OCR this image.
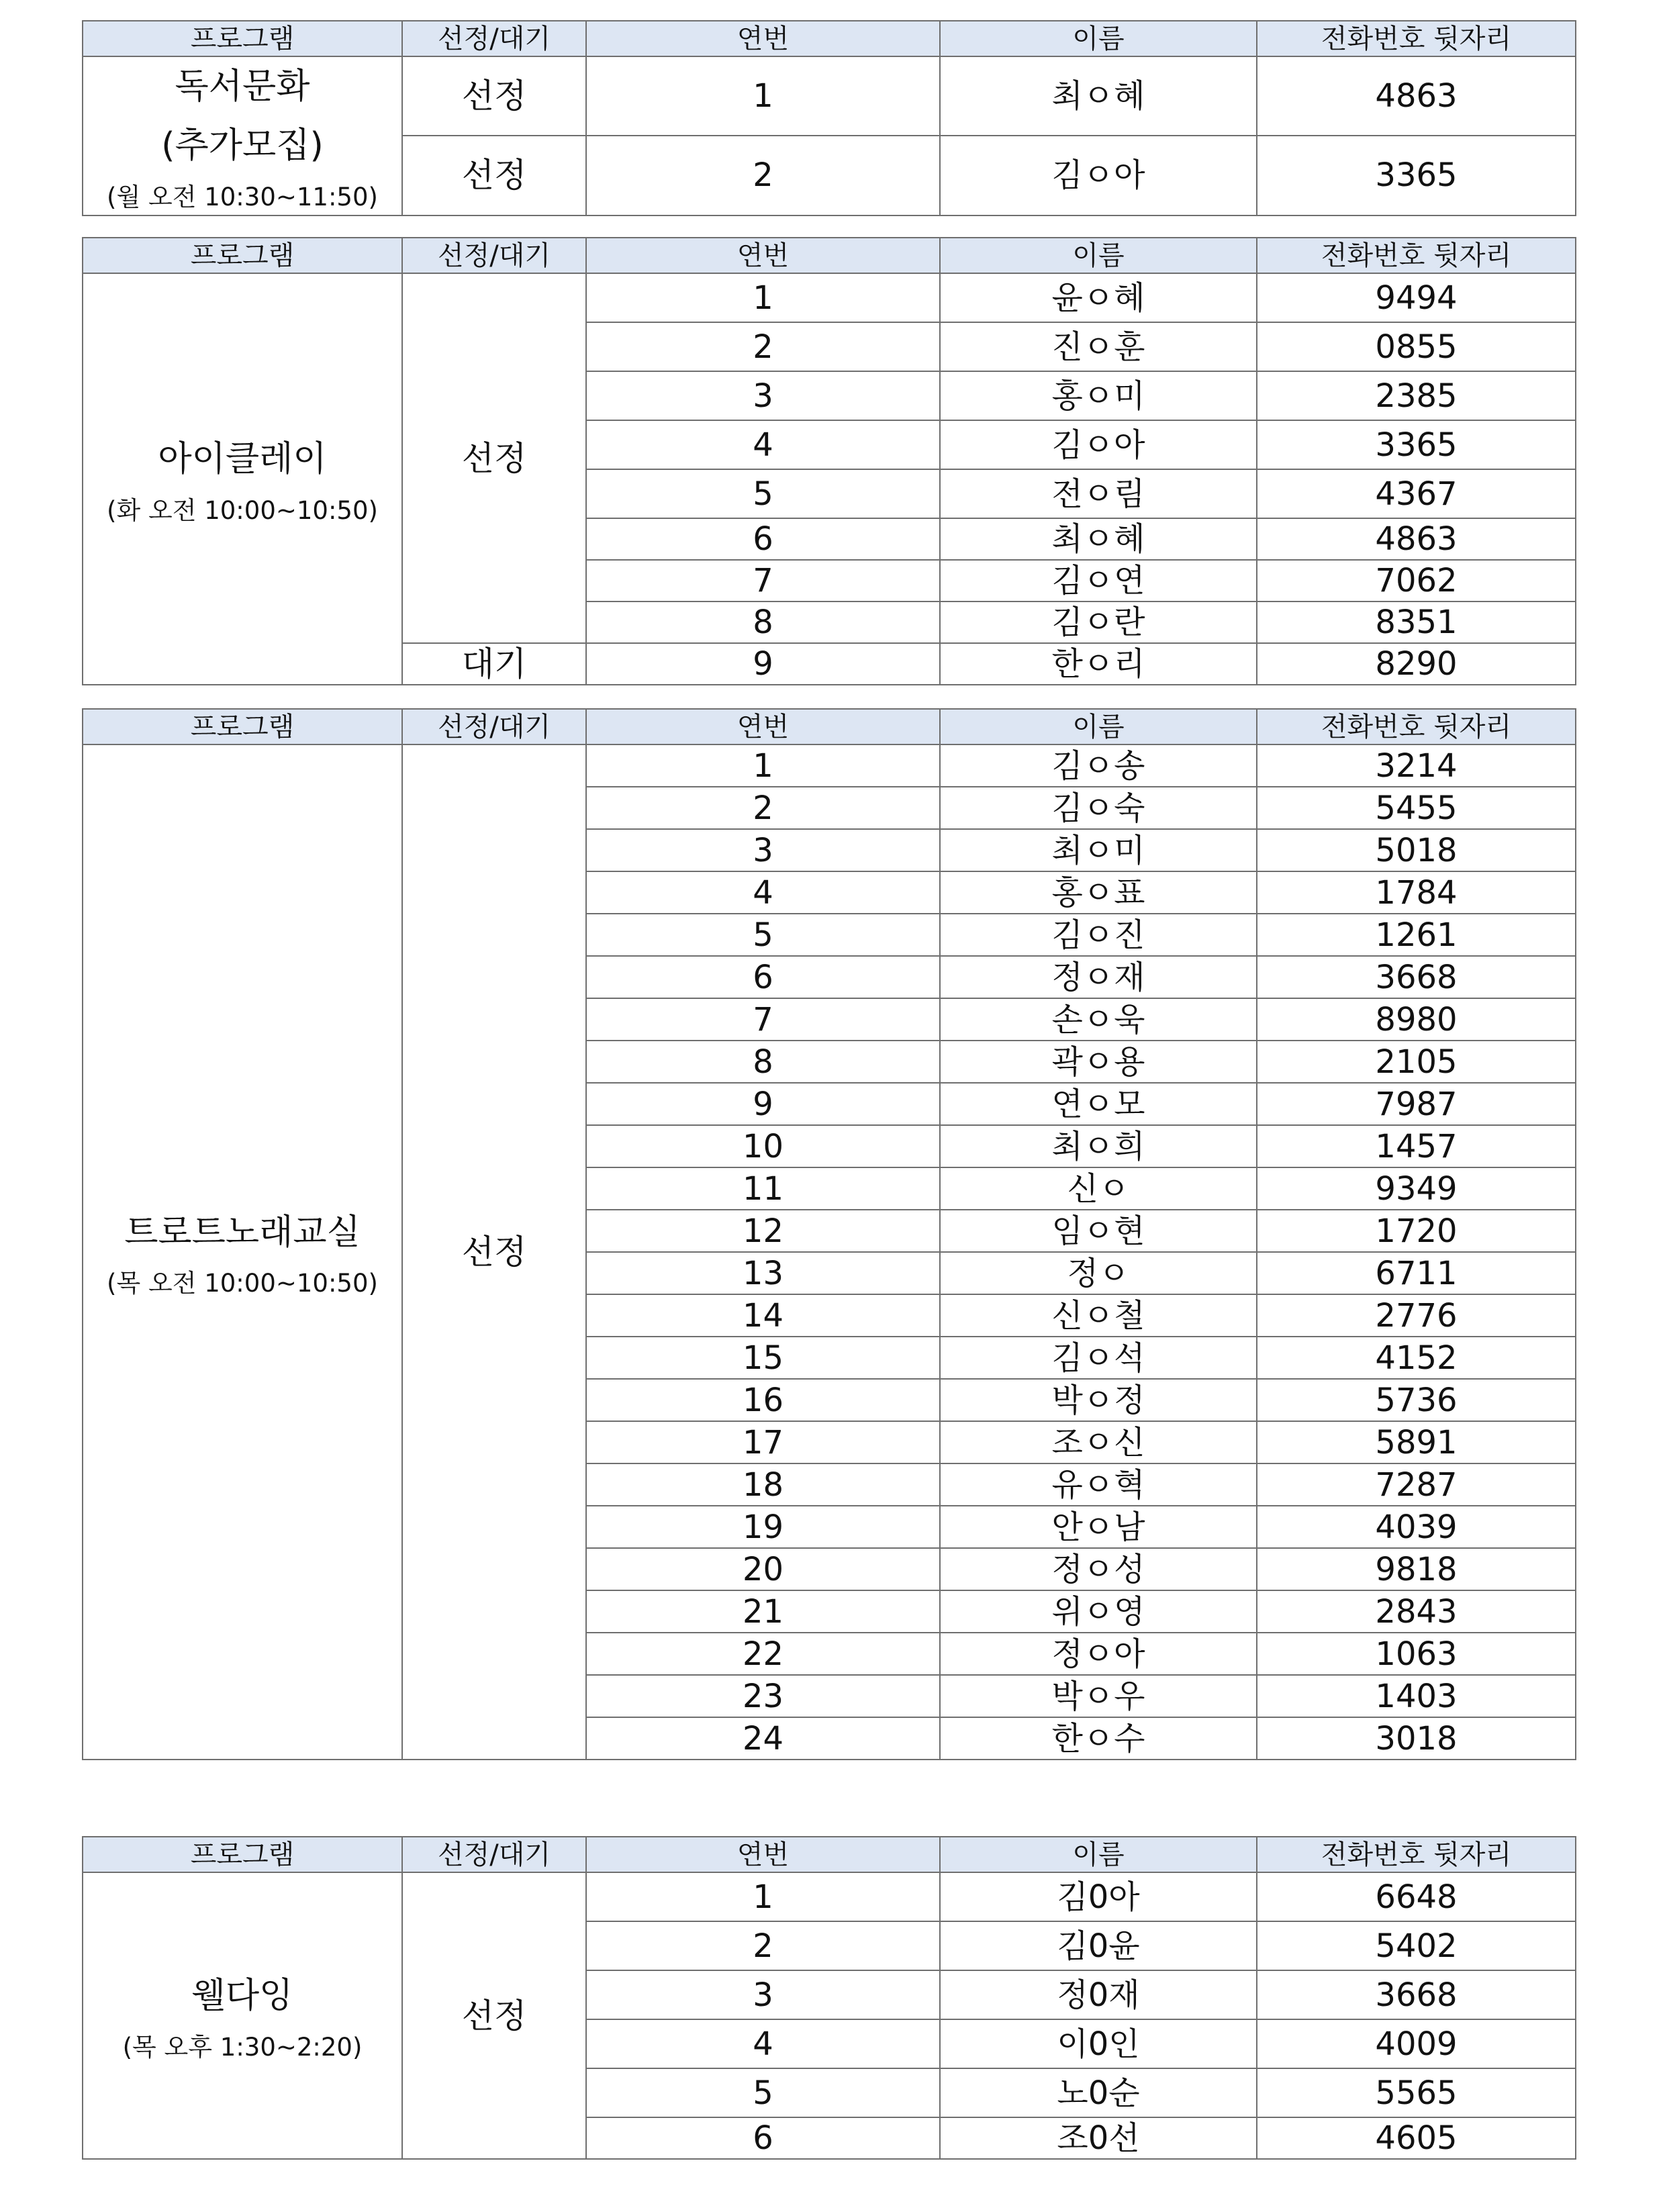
프로그램	선정/대기	연번	이름	전화번호 뒷자리
독서문화
(추가모집)
(월 오전 10:30~11:50)	선정	1	최ㅇ혜	4863
	선정	2	김ㅇ아	3365
프로그램	선정/대기	연번	이름	전화번호 뒷자리
아이클레이
(화 오전 10:00~10:50)	선정	1	윤ㅇ혜	9494
		2	진ㅇ훈	0855
		3	홍ㅇ미	2385
		4	김ㅇ아	3365
		5	전ㅇ림	4367
		6	최ㅇ혜	4863
		7	김ㅇ연	7062
		8	김ㅇ란	8351
	대기	9	한ㅇ리	8290
프로그램	선정/대기	연번	이름	전화번호 뒷자리
트로트노래교실
(목 오전 10:00~10:50)	선정	1	김ㅇ송	3214
		2	김ㅇ숙	5455
		3	최ㅇ미	5018
		4	홍ㅇ표	1784
		5	김ㅇ진	1261
		6	정ㅇ재	3668
		7	손ㅇ욱	8980
		8	곽ㅇ용	2105
		9	연ㅇ모	7987
		10	최ㅇ희	1457
		11	신ㅇ	9349
		12	임ㅇ현	1720
		13	정ㅇ	6711
		14	신ㅇ철	2776
		15	김ㅇ석	4152
		16	박ㅇ정	5736
		17	조ㅇ신	5891
		18	유ㅇ혁	7287
		19	안ㅇ남	4039
		20	정ㅇ성	9818
		21	위ㅇ영	2843
		22	정ㅇ아	1063
		23	박ㅇ우	1403
		24	한ㅇ수	3018
프로그램	선정/대기	연번	이름	전화번호 뒷자리
웰다잉
(목 오후 1:30~2:20)	선정	1	김0아	6648
		2	김0윤	5402
		3	정0재	3668
		4	이0인	4009
		5	노0순	5565
		6	조0선	4605
